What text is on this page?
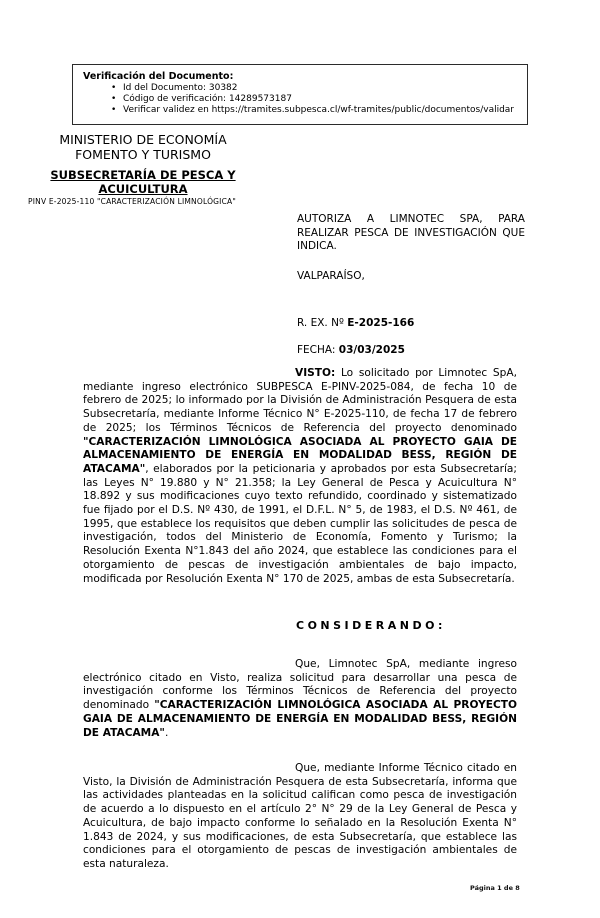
Verificación del Documento:
• Id del Documento: 30382
• Código de verificación: 14289573187
• Verificar validez en https://tramites.subpesca.cl/wf-tramites/public/documentos/validar
MINISTERIO DE ECONOMÍA
FOMENTO Y TURISMO
SUBSECRETARÍA DE PESCA Y ACUICULTURA
PINV E-2025-110 "CARACTERIZACIÓN LIMNOLÓGICA"
AUTORIZA A LIMNOTEC SPA, PARA REALIZAR PESCA DE INVESTIGACIÓN QUE INDICA.
VALPARAÍSO,
R. EX. Nº E-2025-166
FECHA: 03/03/2025
VISTO: Lo solicitado por Limnotec SpA, mediante ingreso electrónico SUBPESCA E-PINV-2025-084, de fecha 10 de febrero de 2025; lo informado por la División de Administración Pesquera de esta Subsecretaría, mediante Informe Técnico N° E-2025-110, de fecha 17 de febrero de 2025; los Términos Técnicos de Referencia del proyecto denominado "CARACTERIZACIÓN LIMNOLÓGICA ASOCIADA AL PROYECTO GAIA DE ALMACENAMIENTO DE ENERGÍA EN MODALIDAD BESS, REGIÓN DE ATACAMA", elaborados por la peticionaria y aprobados por esta Subsecretaría; las Leyes N° 19.880 y N° 21.358; la Ley General de Pesca y Acuicultura N° 18.892 y sus modificaciones cuyo texto refundido, coordinado y sistematizado fue fijado por el D.S. Nº 430, de 1991, el D.F.L. N° 5, de 1983, el D.S. Nº 461, de 1995, que establece los requisitos que deben cumplir las solicitudes de pesca de investigación, todos del Ministerio de Economía, Fomento y Turismo; la Resolución Exenta N°1.843 del año 2024, que establece las condiciones para el otorgamiento de pescas de investigación ambientales de bajo impacto, modificada por Resolución Exenta N° 170 de 2025, ambas de esta Subsecretaría.
CONSIDERANDO:
Que, Limnotec SpA, mediante ingreso electrónico citado en Visto, realiza solicitud para desarrollar una pesca de investigación conforme los Términos Técnicos de Referencia del proyecto denominado "CARACTERIZACIÓN LIMNOLÓGICA ASOCIADA AL PROYECTO GAIA DE ALMACENAMIENTO DE ENERGÍA EN MODALIDAD BESS, REGIÓN DE ATACAMA".
Que, mediante Informe Técnico citado en Visto, la División de Administración Pesquera de esta Subsecretaría, informa que las actividades planteadas en la solicitud califican como pesca de investigación de acuerdo a lo dispuesto en el artículo 2° N° 29 de la Ley General de Pesca y Acuicultura, de bajo impacto conforme lo señalado en la Resolución Exenta N° 1.843 de 2024, y sus modificaciones, de esta Subsecretaría, que establece las condiciones para el otorgamiento de pescas de investigación ambientales de esta naturaleza.
Página 1 de 8
